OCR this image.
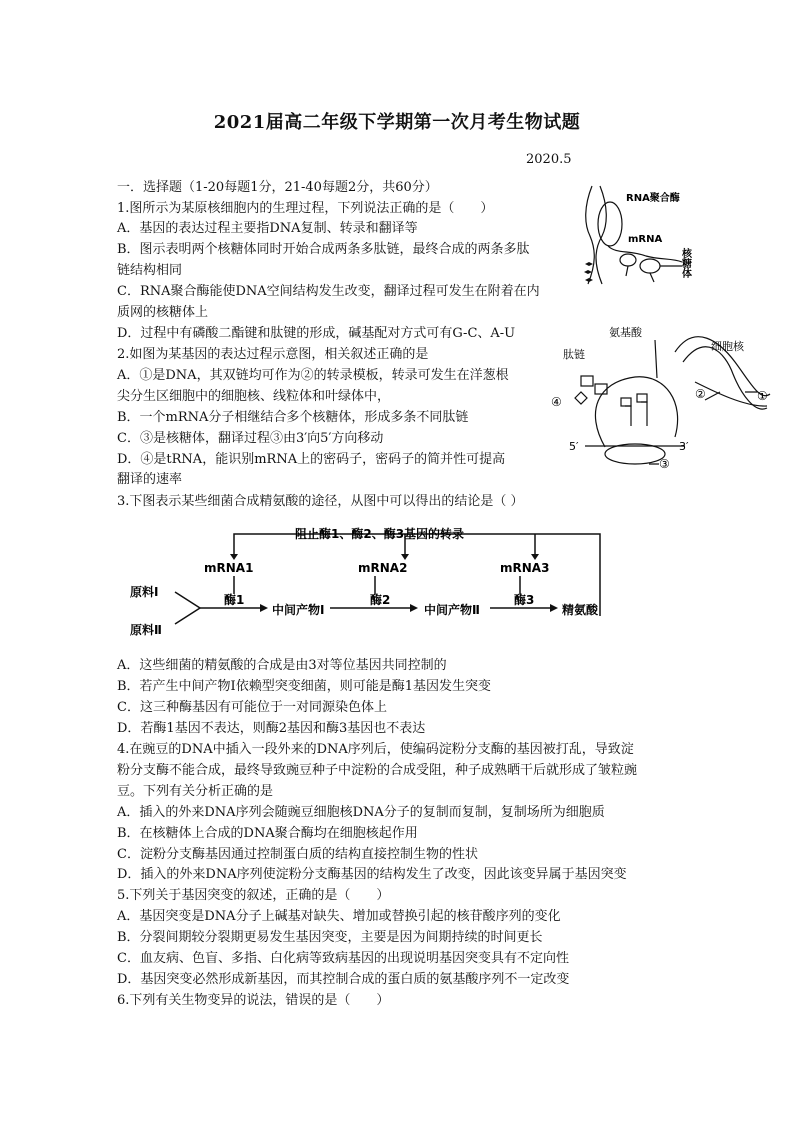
2021届高二年级下学期第一次月考生物试题
2020.5
RNA聚合酶
mRNA
核糖体
氨基酸
细胞核
肽链
②	①
④
5′	3′
③
阻止酶1、酶2、酶3基因的转录
mRNA1	mRNA2	mRNA3
原料Ⅰ
原料Ⅱ
酶1
中间产物Ⅰ
酶2
中间产物Ⅱ
酶3
精氨酸
一．选择题（1-20每题1分，21-40每题2分，共60分）
1.图所示为某原核细胞内的生理过程，下列说法正确的是（　　）
A．基因的表达过程主要指DNA复制、转录和翻译等
B．图示表明两个核糖体同时开始合成两条多肽链，最终合成的两条多肽
链结构相同
C．RNA聚合酶能使DNA空间结构发生改变，翻译过程可发生在附着在内
质网的核糖体上
D．过程中有磷酸二酯键和肽键的形成，碱基配对方式可有G-C、A-U
2.如图为某基因的表达过程示意图，相关叙述正确的是
A．①是DNA，其双链均可作为②的转录模板，转录可发生在洋葱根
尖分生区细胞中的细胞核、线粒体和叶绿体中，
B．一个mRNA分子相继结合多个核糖体，形成多条不同肽链
C．③是核糖体，翻译过程③由3′向5′方向移动
D．④是tRNA，能识别mRNA上的密码子，密码子的简并性可提高
翻译的速率
3.下图表示某些细菌合成精氨酸的途径，从图中可以得出的结论是（ ）
A．这些细菌的精氨酸的合成是由3对等位基因共同控制的
B．若产生中间产物Ⅰ依赖型突变细菌，则可能是酶1基因发生突变
C．这三种酶基因有可能位于一对同源染色体上
D．若酶1基因不表达，则酶2基因和酶3基因也不表达
4.在豌豆的DNA中插入一段外来的DNA序列后，使编码淀粉分支酶的基因被打乱，导致淀
粉分支酶不能合成，最终导致豌豆种子中淀粉的合成受阻，种子成熟晒干后就形成了皱粒豌
豆。下列有关分析正确的是
A．插入的外来DNA序列会随豌豆细胞核DNA分子的复制而复制，复制场所为细胞质
B．在核糖体上合成的DNA聚合酶均在细胞核起作用
C．淀粉分支酶基因通过控制蛋白质的结构直接控制生物的性状
D．插入的外来DNA序列使淀粉分支酶基因的结构发生了改变，因此该变异属于基因突变
5.下列关于基因突变的叙述，正确的是（　　）
A．基因突变是DNA分子上碱基对缺失、增加或替换引起的核苷酸序列的变化
B．分裂间期较分裂期更易发生基因突变，主要是因为间期持续的时间更长
C．血友病、色盲、多指、白化病等致病基因的出现说明基因突变具有不定向性
D．基因突变必然形成新基因，而其控制合成的蛋白质的氨基酸序列不一定改变
6.下列有关生物变异的说法，错误的是（　　）
